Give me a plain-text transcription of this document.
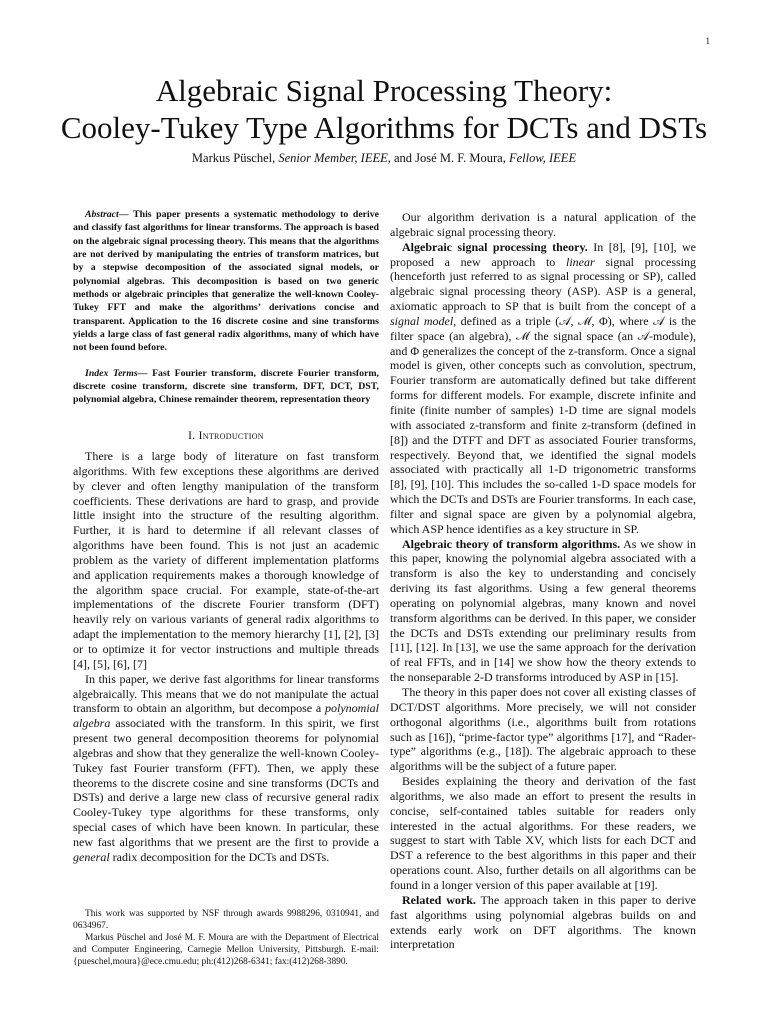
1
Algebraic Signal Processing Theory:
Cooley-Tukey Type Algorithms for DCTs and DSTs
Markus Püschel, Senior Member, IEEE, and José M. F. Moura, Fellow, IEEE

Abstract— This paper presents a systematic methodology to derive and classify fast algorithms for linear transforms. The approach is based on the algebraic signal processing theory. This means that the algorithms are not derived by manipulating the entries of transform matrices, but by a stepwise decomposition of the associated signal models, or polynomial algebras. This decomposition is based on two generic methods or algebraic principles that generalize the well-known Cooley-Tukey FFT and make the algorithms’ derivations concise and transparent. Application to the 16 discrete cosine and sine transforms yields a large class of fast general radix algorithms, many of which have not been found before.

Index Terms— Fast Fourier transform, discrete Fourier transform, discrete cosine transform, discrete sine transform, DFT, DCT, DST, polynomial algebra, Chinese remainder theorem, representation theory

I. Introduction

There is a large body of literature on fast transform algorithms. With few exceptions these algorithms are derived by clever and often lengthy manipulation of the transform coefficients. These derivations are hard to grasp, and provide little insight into the structure of the resulting algorithm. Further, it is hard to determine if all relevant classes of algorithms have been found. This is not just an academic problem as the variety of different implementation platforms and application requirements makes a thorough knowledge of the algorithm space crucial. For example, state-of-the-art implementations of the discrete Fourier transform (DFT) heavily rely on various variants of general radix algorithms to adapt the implementation to the memory hierarchy [1], [2], [3] or to optimize it for vector instructions and multiple threads [4], [5], [6], [7]

In this paper, we derive fast algorithms for linear transforms algebraically. This means that we do not manipulate the actual transform to obtain an algorithm, but decompose a polynomial algebra associated with the transform. In this spirit, we first present two general decomposition theorems for polynomial algebras and show that they generalize the well-known Cooley-Tukey fast Fourier transform (FFT). Then, we apply these theorems to the discrete cosine and sine transforms (DCTs and DSTs) and derive a large new class of recursive general radix Cooley-Tukey type algorithms for these transforms, only special cases of which have been known. In particular, these new fast algorithms that we present are the first to provide a general radix decomposition for the DCTs and DSTs.

This work was supported by NSF through awards 9988296, 0310941, and 0634967.

Markus Püschel and José M. F. Moura are with the Department of Electrical and Computer Engineering, Carnegie Mellon University, Pittsburgh. E-mail: {pueschel,moura}@ece.cmu.edu; ph:(412)268-6341; fax:(412)268-3890.

Our algorithm derivation is a natural application of the algebraic signal processing theory.

Algebraic signal processing theory. In [8], [9], [10], we proposed a new approach to linear signal processing (henceforth just referred to as signal processing or SP), called algebraic signal processing theory (ASP). ASP is a general, axiomatic approach to SP that is built from the concept of a signal model, defined as a triple (𝒜, ℳ, Φ), where 𝒜 is the filter space (an algebra), ℳ the signal space (an 𝒜-module), and Φ generalizes the concept of the z-transform. Once a signal model is given, other concepts such as convolution, spectrum, Fourier transform are automatically defined but take different forms for different models. For example, discrete infinite and finite (finite number of samples) 1-D time are signal models with associated z-transform and finite z-transform (defined in [8]) and the DTFT and DFT as associated Fourier transforms, respectively. Beyond that, we identified the signal models associated with practically all 1-D trigonometric transforms [8], [9], [10]. This includes the so-called 1-D space models for which the DCTs and DSTs are Fourier transforms. In each case, filter and signal space are given by a polynomial algebra, which ASP hence identifies as a key structure in SP.

Algebraic theory of transform algorithms. As we show in this paper, knowing the polynomial algebra associated with a transform is also the key to understanding and concisely deriving its fast algorithms. Using a few general theorems operating on polynomial algebras, many known and novel transform algorithms can be derived. In this paper, we consider the DCTs and DSTs extending our preliminary results from [11], [12]. In [13], we use the same approach for the derivation of real FFTs, and in [14] we show how the theory extends to the nonseparable 2-D transforms introduced by ASP in [15].

The theory in this paper does not cover all existing classes of DCT/DST algorithms. More precisely, we will not consider orthogonal algorithms (i.e., algorithms built from rotations such as [16]), “prime-factor type” algorithms [17], and “Rader-type” algorithms (e.g., [18]). The algebraic approach to these algorithms will be the subject of a future paper.

Besides explaining the theory and derivation of the fast algorithms, we also made an effort to present the results in concise, self-contained tables suitable for readers only interested in the actual algorithms. For these readers, we suggest to start with Table XV, which lists for each DCT and DST a reference to the best algorithms in this paper and their operations count. Also, further details on all algorithms can be found in a longer version of this paper available at [19].

Related work. The approach taken in this paper to derive fast algorithms using polynomial algebras builds on and extends early work on DFT algorithms. The known interpretation
